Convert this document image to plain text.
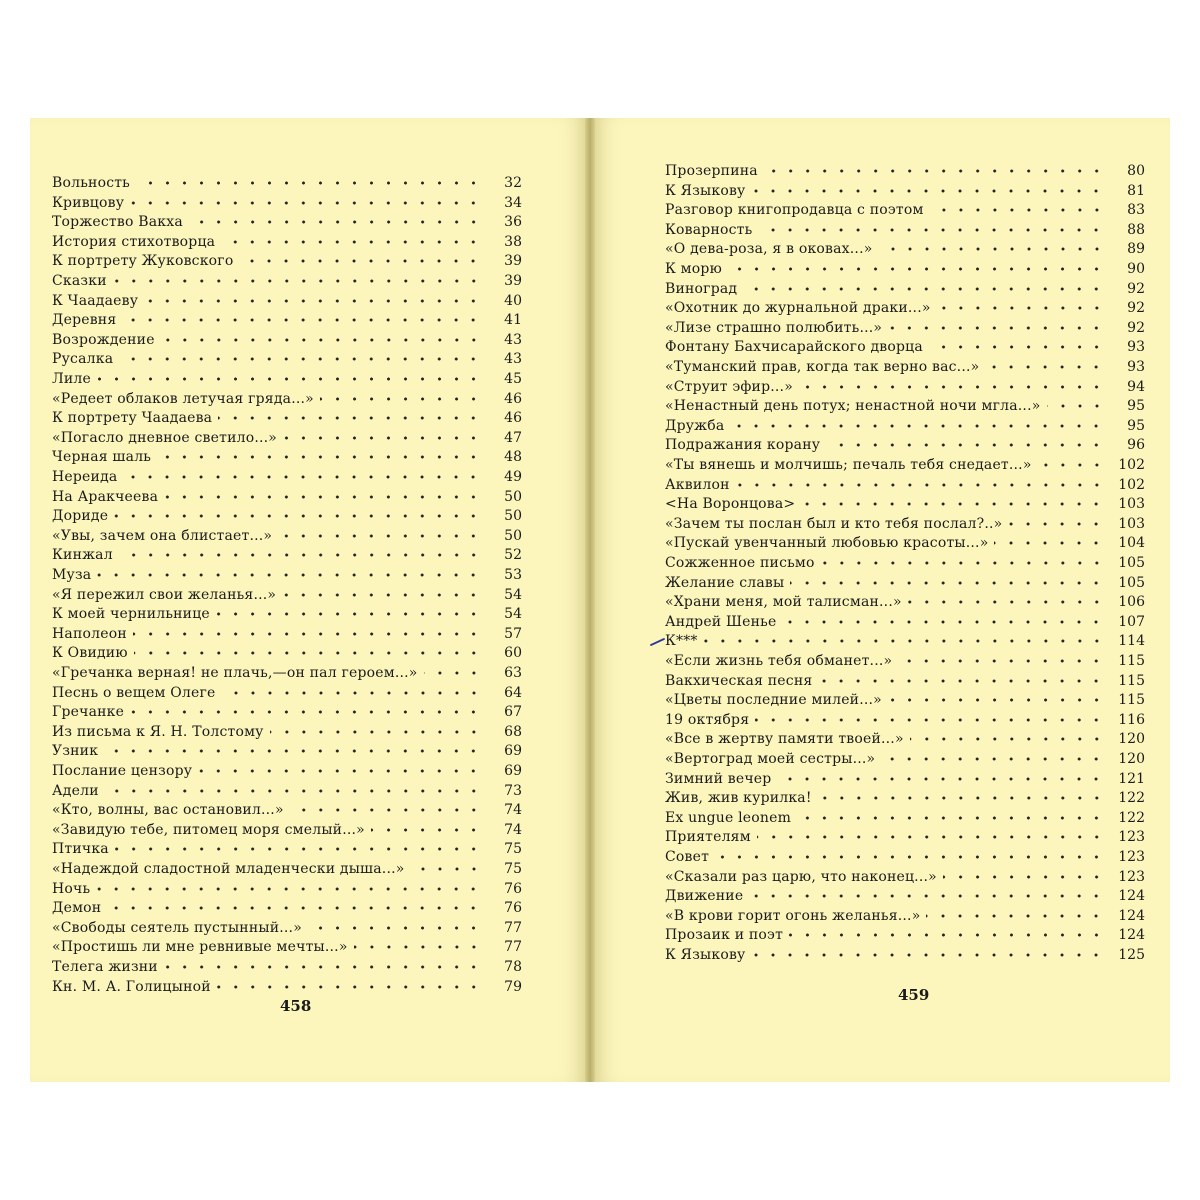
Вольность	32
Кривцову	34
Торжество Вакха	36
История стихотворца	38
К портрету Жуковского	39
Сказки	39
К Чаадаеву	40
Деревня	41
Возрождение	43
Русалка	43
Лиле	45
«Редеет облаков летучая гряда...»	46
К портрету Чаадаева	46
«Погасло дневное светило...»	47
Черная шаль	48
Нереида	49
На Аракчеева	50
Дориде	50
«Увы, зачем она блистает...»	50
Кинжал	52
Муза	53
«Я пережил свои желанья...»	54
К моей чернильнице	54
Наполеон	57
К Овидию	60
«Гречанка верная! не плачь,—он пал героем...»	63
Песнь о вещем Олеге	64
Гречанке	67
Из письма к Я. Н. Толстому	68
Узник	69
Послание цензору	69
Адели	73
«Кто, волны, вас остановил...»	74
«Завидую тебе, питомец моря смелый...»	74
Птичка	75
«Надеждой сладостной младенчески дыша...»	75
Ночь	76
Демон	76
«Свободы сеятель пустынный...»	77
«Простишь ли мне ревнивые мечты...»	77
Телега жизни	78
Кн. М. А. Голицыной	79
Прозерпина	80
К Языкову	81
Разговор книгопродавца с поэтом	83
Коварность	88
«О дева-роза, я в оковах...»	89
К морю	90
Виноград	92
«Охотник до журнальной драки...»	92
«Лизе страшно полюбить...»	92
Фонтану Бахчисарайского дворца	93
«Туманский прав, когда так верно вас...»	93
«Струит эфир...»	94
«Ненастный день потух; ненастной ночи мгла...»	95
Дружба	95
Подражания корану	96
«Ты вянешь и молчишь; печаль тебя снедает...»	102
Аквилон	102
<На Воронцова>	103
«Зачем ты послан был и кто тебя послал?..»	103
«Пускай увенчанный любовью красоты...»	104
Сожженное письмо	105
Желание славы	105
«Храни меня, мой талисман...»	106
Андрей Шенье	107
К***	114
«Если жизнь тебя обманет...»	115
Вакхическая песня	115
«Цветы последние милей...»	115
19 октября	116
«Все в жертву памяти твоей...»	120
«Вертоград моей сестры...»	120
Зимний вечер	121
Жив, жив курилка!	122
Ex ungue leonem	122
Приятелям	123
Совет	123
«Сказали раз царю, что наконец...»	123
Движение	124
«В крови горит огонь желанья...»	124
Прозаик и поэт	124
К Языкову	125
458
459
